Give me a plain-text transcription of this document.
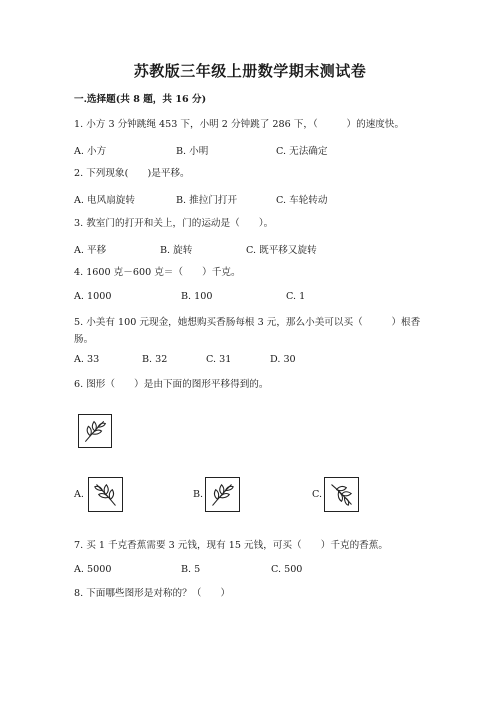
苏教版三年级上册数学期末测试卷
一.选择题(共 8 题，共 16 分)
1. 小方 3 分钟跳绳 453 下，小明 2 分钟跳了 286 下，（　　　）的速度快。
A. 小方	B. 小明	C. 无法确定
2. 下列现象(　　)是平移。
A. 电风扇旋转	B. 推拉门打开	C. 车轮转动
3. 教室门的打开和关上，门的运动是（　　）。
A. 平移	B. 旋转	C. 既平移又旋转
4. 1600 克－600 克＝（　　）千克。
A. 1000	B. 100	C. 1
5. 小美有 100 元现金，她想购买香肠每根 3 元，那么小美可以买（　　　）根香肠。
A. 33	B. 32	C. 31	D. 30
6. 图形（　　）是由下面的图形平移得到的。
A.	B.	C.
7. 买 1 千克香蕉需要 3 元钱，现有 15 元钱，可买（　　）千克的香蕉。
A. 5000	B. 5	C. 500
8. 下面哪些图形是对称的？（　　）
